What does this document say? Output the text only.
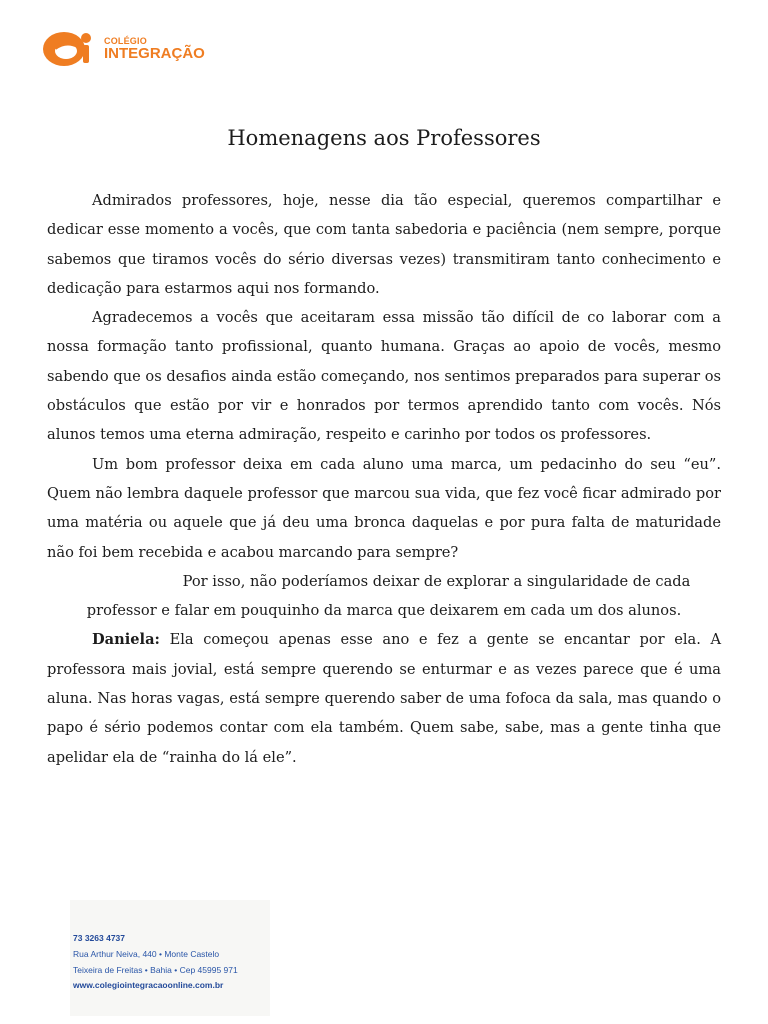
COLÉGIO
INTEGRAÇÃO
Homenagens aos Professores

Admirados professores, hoje, nesse dia tão especial, queremos compartilhar e dedicar esse momento a vocês, que com tanta sabedoria e paciência (nem sempre, porque sabemos que tiramos vocês do sério diversas vezes) transmitiram tanto conhecimento e dedicação para estarmos aqui nos formando.

Agradecemos a vocês que aceitaram essa missão tão difícil de co laborar com a nossa formação tanto profissional, quanto humana. Graças ao apoio de vocês, mesmo sabendo que os desafios ainda estão começando, nos sentimos preparados para superar os obstáculos que estão por vir e honrados por termos aprendido tanto com vocês. Nós alunos temos uma eterna admiração, respeito e carinho por todos os professores.

Um bom professor deixa em cada aluno uma marca, um pedacinho do seu “eu”. Quem não lembra daquele professor que marcou sua vida, que fez você ficar admirado por uma matéria ou aquele que já deu uma bronca daquelas e por pura falta de maturidade não foi bem recebida e acabou marcando para sempre?

Por isso, não poderíamos deixar de explorar a singularidade de cada professor e falar em pouquinho da marca que deixarem em cada um dos alunos.

Daniela: Ela começou apenas esse ano e fez a gente se encantar por ela. A professora mais jovial, está sempre querendo se enturmar e as vezes parece que é uma aluna. Nas horas vagas, está sempre querendo saber de uma fofoca da sala, mas quando o papo é sério podemos contar com ela também. Quem sabe, sabe, mas a gente tinha que apelidar ela de “rainha do lá ele”.

73 3263 4737
Rua Arthur Neiva, 440 • Monte Castelo
Teixeira de Freitas • Bahia • Cep 45995 971
www.colegiointegracaoonline.com.br
